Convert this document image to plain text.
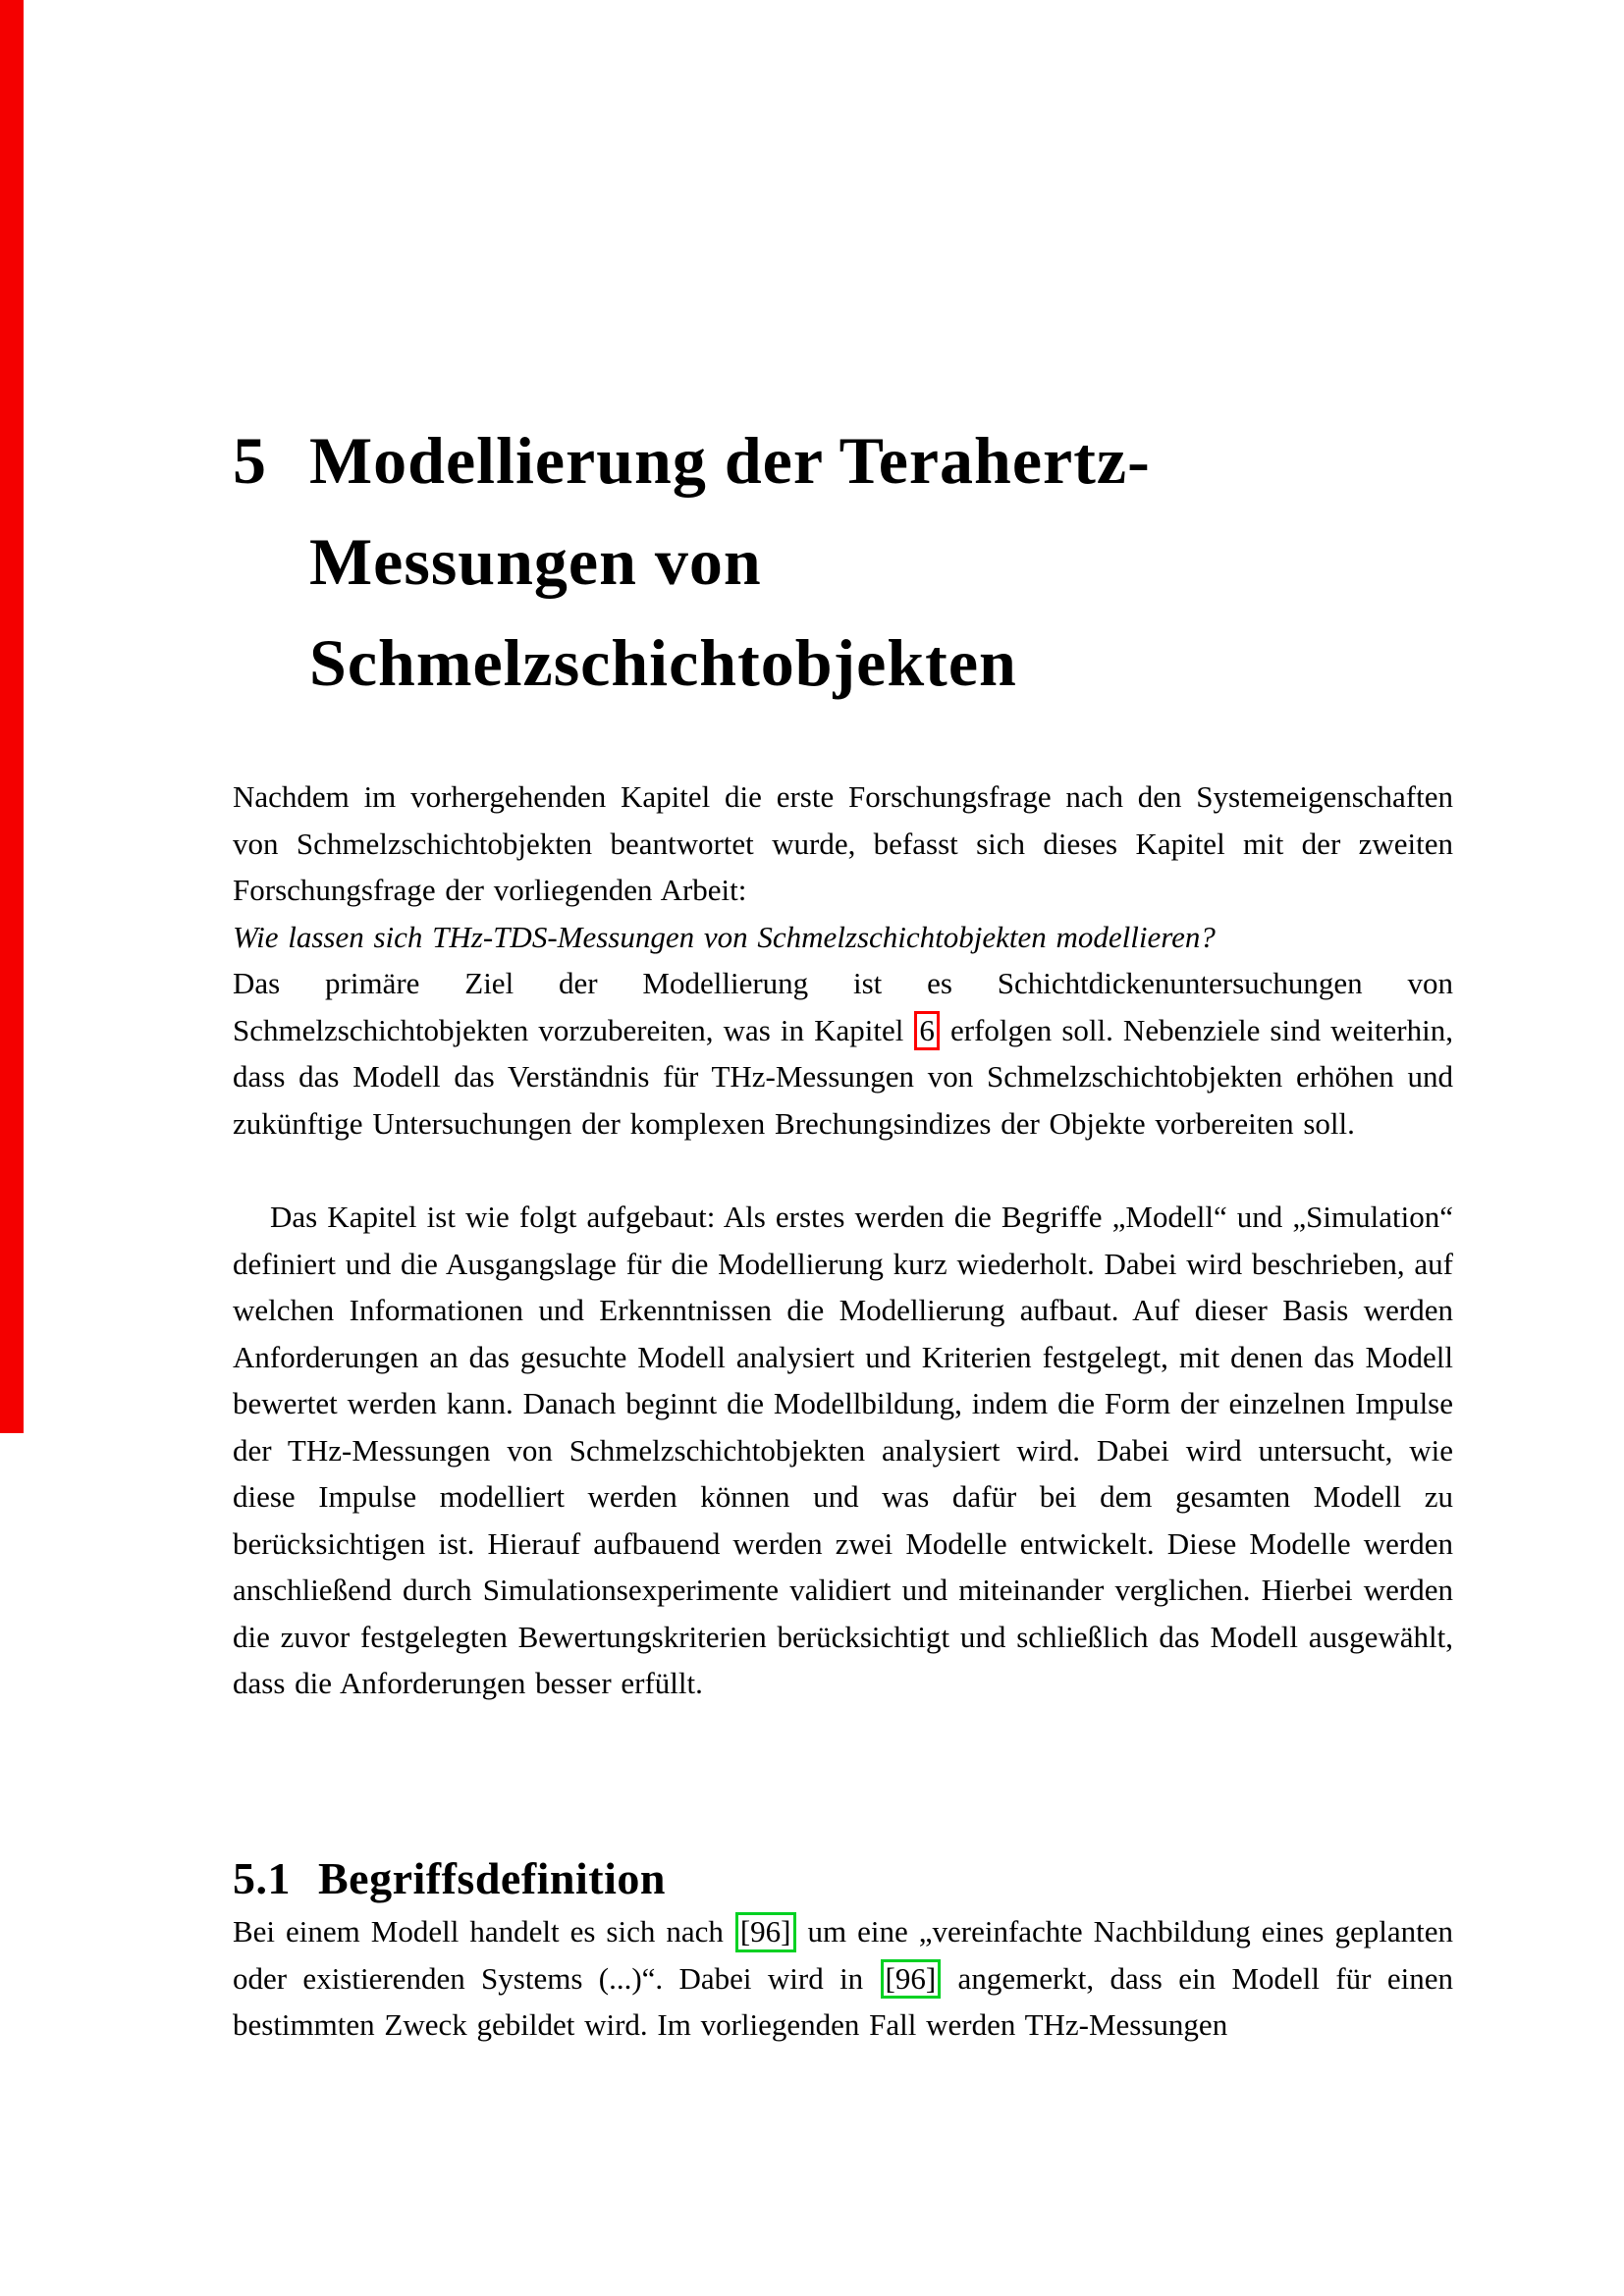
5 Modellierung der Terahertz-
Messungen von
Schmelzschichtobjekten

Nachdem im vorhergehenden Kapitel die erste Forschungsfrage nach den Systemeigenschaften von Schmelzschichtobjekten beantwortet wurde, befasst sich dieses Kapitel mit der zweiten Forschungsfrage der vorliegenden Arbeit:

Wie lassen sich THz-TDS-Messungen von Schmelzschichtobjekten modellieren?

Das primäre Ziel der Modellierung ist es Schichtdickenuntersuchungen von Schmelzschichtobjekten vorzubereiten, was in Kapitel 6 erfolgen soll. Nebenziele sind weiterhin, dass das Modell das Verständnis für THz-Messungen von Schmelzschichtobjekten erhöhen und zukünftige Untersuchungen der komplexen Brechungsindizes der Objekte vorbereiten soll.

Das Kapitel ist wie folgt aufgebaut: Als erstes werden die Begriffe „Modell“ und „Simulation“ definiert und die Ausgangslage für die Modellierung kurz wiederholt. Dabei wird beschrieben, auf welchen Informationen und Erkenntnissen die Modellierung aufbaut. Auf dieser Basis werden Anforderungen an das gesuchte Modell analysiert und Kriterien festgelegt, mit denen das Modell bewertet werden kann. Danach beginnt die Modellbildung, indem die Form der einzelnen Impulse der THz-Messungen von Schmelzschichtobjekten analysiert wird. Dabei wird untersucht, wie diese Impulse modelliert werden können und was dafür bei dem gesamten Modell zu berücksichtigen ist. Hierauf aufbauend werden zwei Modelle entwickelt. Diese Modelle werden anschließend durch Simulationsexperimente validiert und miteinander verglichen. Hierbei werden die zuvor festgelegten Bewertungskriterien berücksichtigt und schließlich das Modell ausgewählt, dass die Anforderungen besser erfüllt.

5.1 Begriffsdefinition

Bei einem Modell handelt es sich nach [96] um eine „vereinfachte Nachbildung eines geplanten oder existierenden Systems (...)“. Dabei wird in [96] angemerkt, dass ein Modell für einen bestimmten Zweck gebildet wird. Im vorliegenden Fall werden THz-Messungen
